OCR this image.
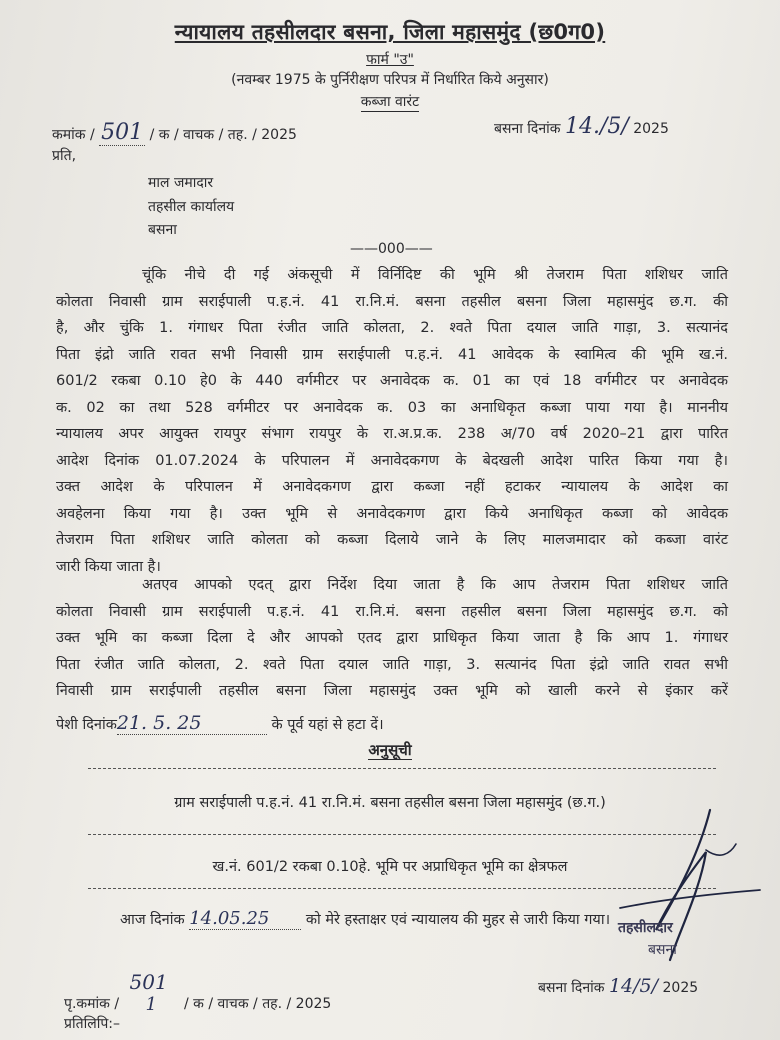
न्यायालय तहसीलदार बसना, जिला महासमुंद (छ0ग0)
फार्म "उ"
(नवम्बर 1975 के पुर्निरीक्षण परिपत्र में निर्धारित किये अनुसार)
कब्जा वारंट
कमांक / 501 / क / वाचक / तह. / 2025	बसना दिनांक 14./5/ 2025
प्रति,
माल जमादार
तहसील कार्यालय
बसना
——000——
चूंकि नीचे दी गई अंकसूची में विर्निदिष्ट की भूमि श्री तेजराम पिता शशिधर जाति
कोलता निवासी ग्राम सराईपाली प.ह.नं. 41 रा.नि.मं. बसना तहसील बसना जिला महासमुंद छ.ग. की
है, और चुंकि 1. गंगाधर पिता रंजीत जाति कोलता, 2. श्वते पिता दयाल जाति गाड़ा, 3. सत्यानंद
पिता इंद्रो जाति रावत सभी निवासी ग्राम सराईपाली प.ह.नं. 41 आवेदक के स्वामित्व की भूमि ख.नं.
601/2 रकबा 0.10 हे0 के 440 वर्गमीटर पर अनावेदक क. 01 का एवं 18 वर्गमीटर पर अनावेदक
क. 02 का तथा 528 वर्गमीटर पर अनावेदक क. 03 का अनाधिकृत कब्जा पाया गया है। माननीय
न्यायालय अपर आयुक्त रायपुर संभाग रायपुर के रा.अ.प्र.क. 238 अ/70 वर्ष 2020–21 द्वारा पारित
आदेश दिनांक 01.07.2024 के परिपालन में अनावेदकगण के बेदखली आदेश पारित किया गया है।
उक्त आदेश के परिपालन में अनावेदकगण द्वारा कब्जा नहीं हटाकर न्यायालय के आदेश का
अवहेलना किया गया है। उक्त भूमि से अनावेदकगण द्वारा किये अनाधिकृत कब्जा को आवेदक
तेजराम पिता शशिधर जाति कोलता को कब्जा दिलाये जाने के लिए मालजमादार को कब्जा वारंट
जारी किया जाता है।
अतएव आपको एदत् द्वारा निर्देश दिया जाता है कि आप तेजराम पिता शशिधर जाति
कोलता निवासी ग्राम सराईपाली प.ह.नं. 41 रा.नि.मं. बसना तहसील बसना जिला महासमुंद छ.ग. को
उक्त भूमि का कब्जा दिला दे और आपको एतद द्वारा प्राधिकृत किया जाता है कि आप 1. गंगाधर
पिता रंजीत जाति कोलता, 2. श्वते पिता दयाल जाति गाड़ा, 3. सत्यानंद पिता इंद्रो जाति रावत सभी
निवासी ग्राम सराईपाली तहसील बसना जिला महासमुंद उक्त भूमि को खाली करने से इंकार करें
पेशी दिनांक21. 5. 25	के पूर्व यहां से हटा दें।
अनुसूची
ग्राम सराईपाली प.ह.नं. 41 रा.नि.मं. बसना तहसील बसना जिला महासमुंद (छ.ग.)
ख.नं. 601/2 रकबा 0.10हे. भूमि पर अप्राधिकृत भूमि का क्षेत्रफल
आज दिनांक 14.05.25	को मेरे हस्ताक्षर एवं न्यायालय की मुहर से जारी किया गया। तहसीलदार
बसना
बसना दिनांक 14/5/ 2025
पृ.कमांक /
501
1 / क / वाचक / तह. / 2025
प्रतिलिपि:–
